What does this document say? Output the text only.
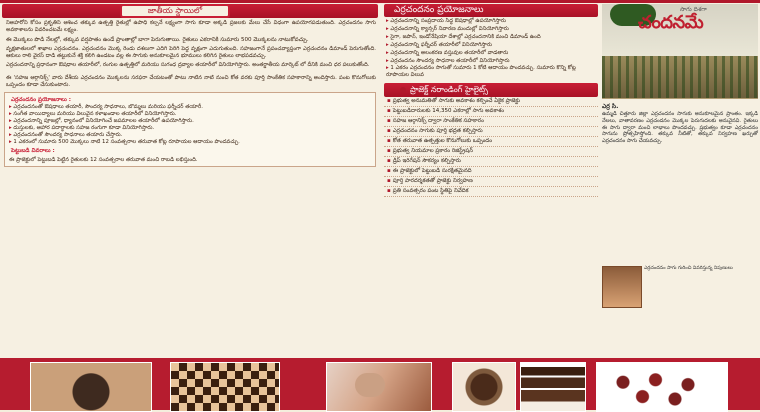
జాతీయ స్థాయిలో

నిఅహరోని కోసం ప్రకృతిని ఆశించ తక్కువ ఉత్పత్తి రైతుల్లో ఉపాధి కల్పనే లక్ష్యంగా సాగు కూడా అక్కడి ప్రజలకు మేలు చేసే విధంగా ఉపయోగపడుతుంది. ఎర్రచందనం సాగు అవకాశాలను వివరించటమే లక్ష్యం.

ఈ మొక్కలు పొడి నేలల్లో, తక్కువ వర్షపాతం ఉండే ప్రాంతాల్లో బాగా పెరుగుతాయి. రైతులు ఎకరానికి సుమారు 500 మొక్కలను నాటుకోవచ్చు.

వృక్షజాతులలో శాఖాల ఎర్రచందనం. ఎర్రచందనం మొక్క రెండు దశలుగా ఎదిగి పెరిగి పెద్ద వృక్షంగా ఎదుగుతుంది. సహజంగానే ప్రపంచవ్యాప్తంగా ఎర్రచందనం డిమాండ్ పెరుగుతోంది. ఆకులు రాలి వైరస్ దాడి తట్టుకునే శక్తి కలిగి ఉండటం వల్ల ఈ సాగుకు అనుకూలమైన భూములు కలిగిన రైతులు లాభపడవచ్చు.

ఎర్రచందనాన్ని ప్రధానంగా ఔషధాల తయారీలో, రంగుల ఉత్పత్తిలో మరియు సుగంధ ద్రవ్యాల తయారీలో వినియోగిస్తారు. అంతర్జాతీయ మార్కెట్ లో దీనికి మంచి ధర పలుకుతోంది.

ఈ 'సహజ ఆర్గానిక్స్' వారు దేశీయ ఎర్రచందనం మొక్కలను సరఫరా చేయటంతో పాటు నాటిన నాటి నుంచి కోత వరకు పూర్తి సాంకేతిక సహకారాన్ని అందిస్తారు. పంట కొనుగోలుకు ఒప్పందం కూడా చేసుకుంటారు.

ఎర్రచందనం ప్రయోజనాలు :
▸ ఎర్రచందనంతో ఔషధాలు తయారీ, సౌందర్య సాధనాలు, బొమ్మలు మరియు ఫర్నీచర్ తయారీ.
▸ సంగీత వాయిద్యాలు మరియు విలువైన కళాఖండాల తయారీలో వినియోగిస్తారు.
▸ ఎర్రచందనాన్ని పూజల్లో, ధ్యానంలో వినియోగించే జపమాలల తయారీలో ఉపయోగిస్తారు.
▸ దుస్తులకు, ఆహార పదార్థాలకు సహజ రంగుగా కూడా వినియోగిస్తారు.
▸ ఎర్రచందనంతో సౌందర్య సాధనాలు తయారు చేస్తారు.
▸ 1 ఎకరంలో సుమారు 500 మొక్కలు నాటి 12 సంవత్సరాల తరువాత కోట్ల రూపాయల ఆదాయం పొందవచ్చు.
పెట్టుబడి వివరాలు :
ఈ ప్రాజెక్టులో పెట్టుబడి పెట్టిన రైతులకు 12 సంవత్సరాల తరువాత మంచి రాబడి లభిస్తుంది.
ఎర్రచందనం ప్రయోజనాలు
▸ ఎర్రచందనాన్ని సంప్రదాయ సిద్ధ ఔషధాల్లో ఉపయోగిస్తారు
▸ ఎర్రచందనాన్ని క్యాన్సర్ నివారణ మందుల్లో వినియోగిస్తారు
▸ సైగా, జపాన్, ఇండోనేషియా దేశాల్లో ఎర్రచందనానికి మంచి డిమాండ్ ఉంది
▸ ఎర్రచందనాన్ని ఫర్నీచర్ తయారీలో వినియోగిస్తారు
▸ ఎర్రచందనాన్ని అలంకరణ వస్తువుల తయారీలో వాడతారు
▸ ఎర్రచందనం సౌందర్య సాధనాల తయారీలో వినియోగిస్తారు
▸ 1 ఎకరం ఎర్రచందనం సాగుతో సుమారు 1 కోటి ఆదాయం పొందవచ్చు. సుమారు కొన్ని కోట్ల రూపాయల విలువ
ప్రాజెక్ట్ నరాండింగ్ హైలైట్స్
▪ ప్రభుత్వ అనుమతితో సాగుకు అవకాశం కల్పించే ఏకైక ప్రాజెక్టు
▪ పెట్టుబడిదారులకు 14,350 ఎకరాల్లో సాగు అవకాశం
▪ సహజ ఆర్గానిక్స్ ద్వారా సాంకేతిక సహకారం
▪ ఎర్రచందనం సాగుకు పూర్తి భద్రత కల్పిస్తారు
▪ కోత తరువాత ఉత్పత్తుల కొనుగోలుకు ఒప్పందం
▪ ప్రభుత్వ నియమాల ప్రకారం రిజిస్ట్రేషన్
▪ డ్రిప్ ఇరిగేషన్ సౌకర్యం కల్పిస్తారు
▪ ఈ ప్రాజెక్టులో పెట్టుబడి సురక్షితమైనది
▪ పూర్తి పారదర్శకతతో ప్రాజెక్టు నిర్వహణ
▪ ప్రతి సంవత్సరం పంట స్థితిపై నివేదిక
సాగు దిశగా
చందనమే
ఎర్ర సి.
ఉమ్మడి చిత్తూరు జిల్లా ఎర్రచందనం సాగుకు అనుకూలమైన ప్రాంతం. ఇక్కడి నేలలు, వాతావరణం ఎర్రచందనం మొక్కల పెరుగుదలకు అనువైనవి. రైతులు ఈ సాగు ద్వారా మంచి లాభాలు పొందవచ్చు. ప్రభుత్వం కూడా ఎర్రచందనం సాగును ప్రోత్సహిస్తోంది. తక్కువ నీటితో, తక్కువ నిర్వహణ ఖర్చుతో ఎర్రచందనం సాగు చేయవచ్చు.
ఎర్రచందనం సాగు గురించి వివరిస్తున్న నిపుణులు
